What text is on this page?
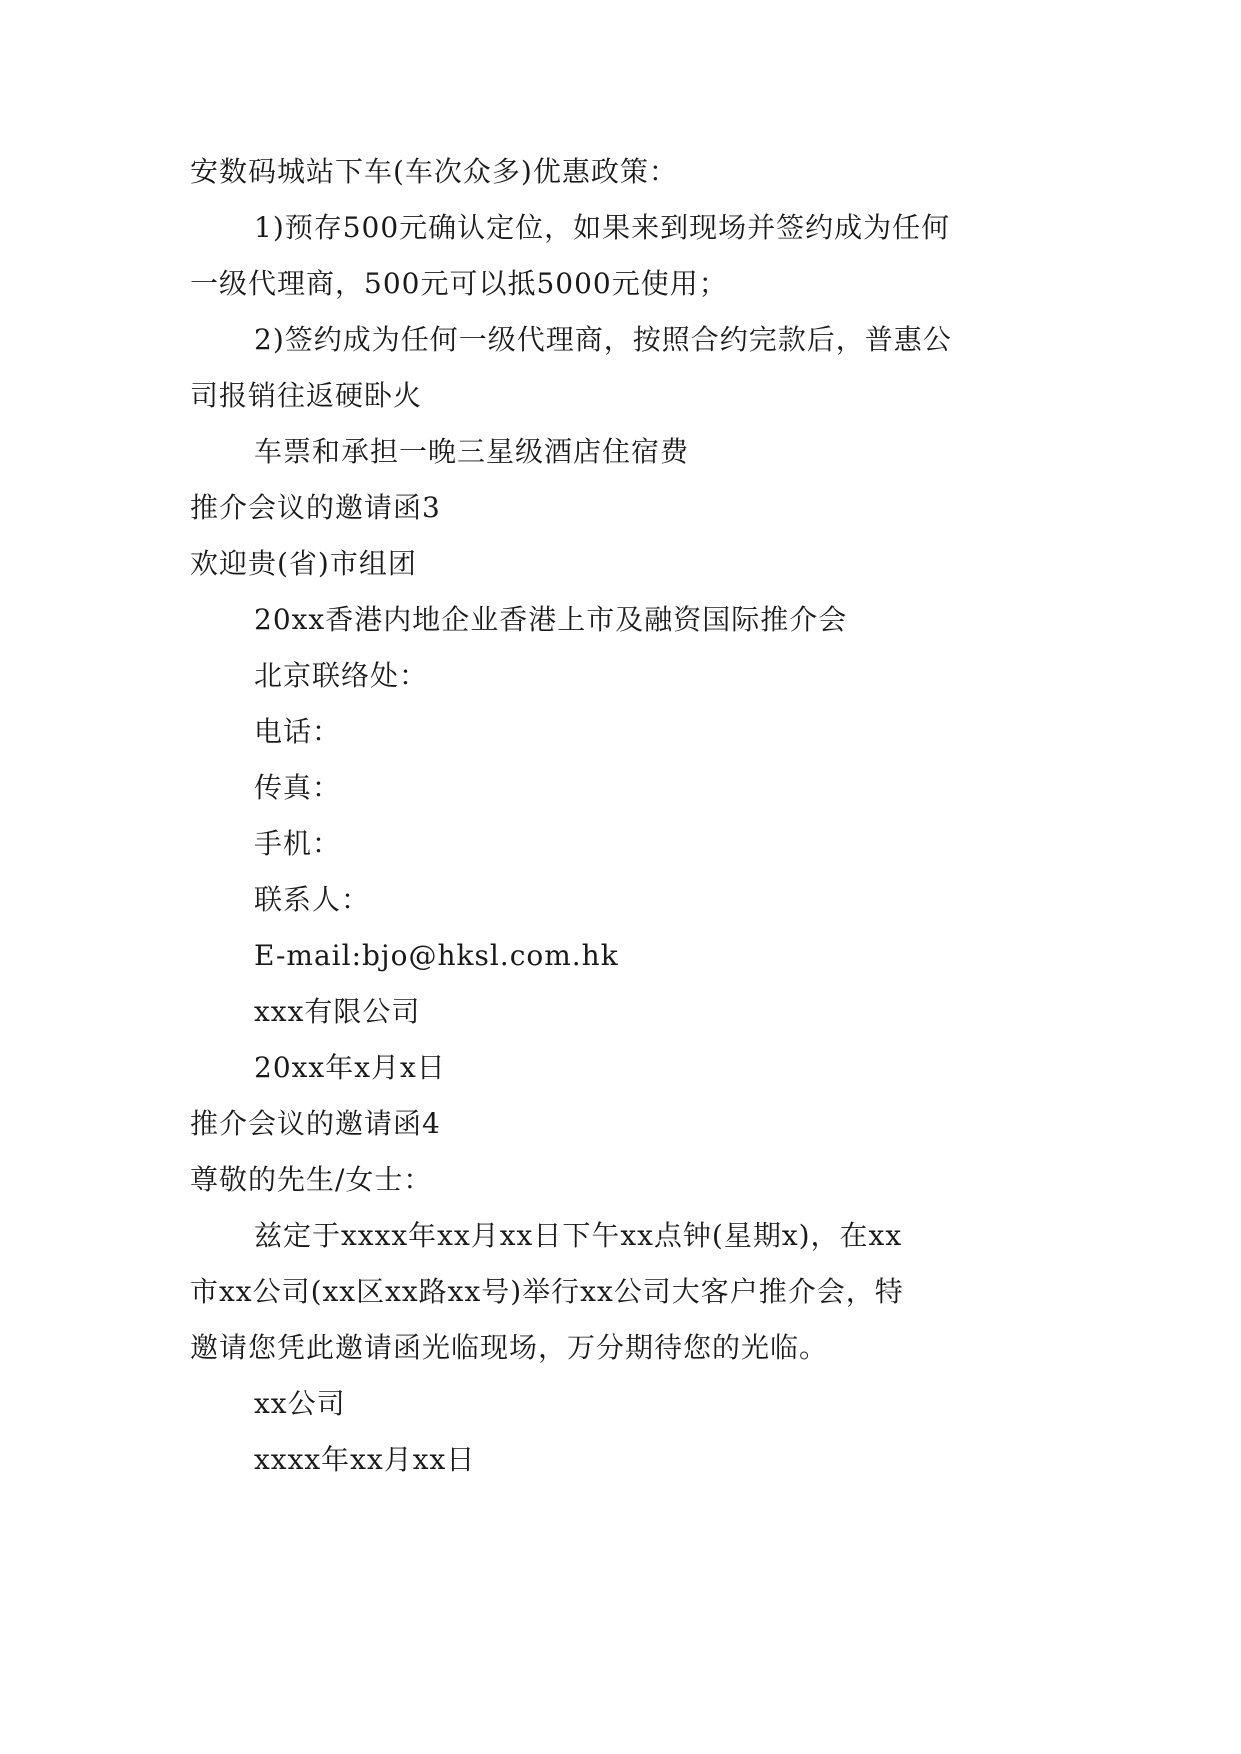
安数码城站下车(车次众多)优惠政策：
1)预存500元确认定位，如果来到现场并签约成为任何
一级代理商，500元可以抵5000元使用；
2)签约成为任何一级代理商，按照合约完款后，普惠公
司报销往返硬卧火
车票和承担一晚三星级酒店住宿费
推介会议的邀请函3
欢迎贵(省)市组团
20xx香港内地企业香港上市及融资国际推介会
北京联络处：
电话：
传真：
手机：
联系人：
E-mail:bjo@hksl.com.hk
xxx有限公司
20xx年x月x日
推介会议的邀请函4
尊敬的先生/女士：
兹定于xxxx年xx月xx日下午xx点钟(星期x)，在xx
市xx公司(xx区xx路xx号)举行xx公司大客户推介会，特
邀请您凭此邀请函光临现场，万分期待您的光临。
xx公司
xxxx年xx月xx日
